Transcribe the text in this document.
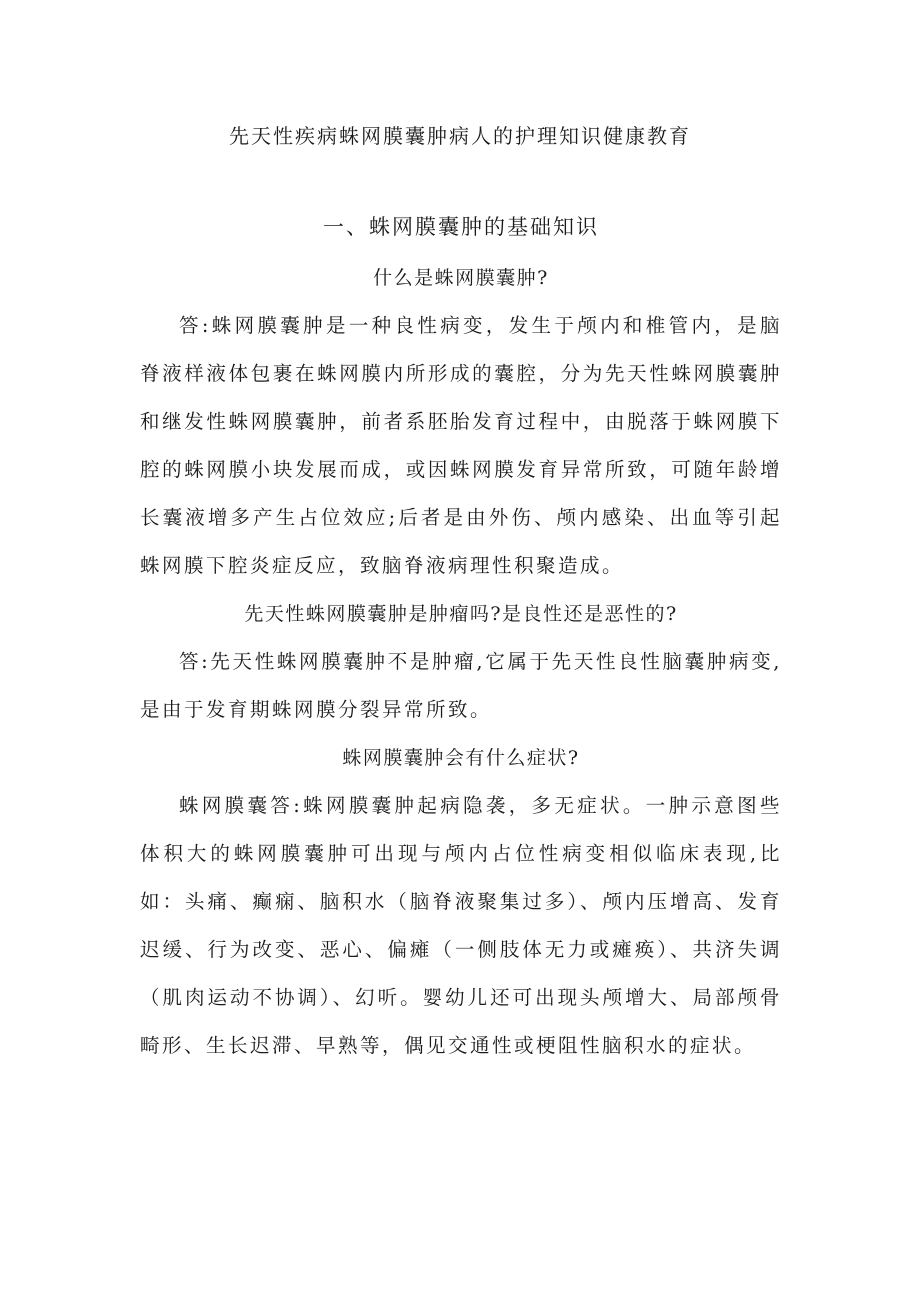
先天性疾病蛛网膜囊肿病人的护理知识健康教育
一、蛛网膜囊肿的基础知识

什么是蛛网膜囊肿?

答:蛛网膜囊肿是一种良性病变，发生于颅内和椎管内，是脑脊液样液体包裹在蛛网膜内所形成的囊腔，分为先天性蛛网膜囊肿和继发性蛛网膜囊肿，前者系胚胎发育过程中，由脱落于蛛网膜下腔的蛛网膜小块发展而成，或因蛛网膜发育异常所致，可随年龄增长囊液增多产生占位效应;后者是由外伤、颅内感染、出血等引起蛛网膜下腔炎症反应，致脑脊液病理性积聚造成。

先天性蛛网膜囊肿是肿瘤吗?是良性还是恶性的?

答:先天性蛛网膜囊肿不是肿瘤,它属于先天性良性脑囊肿病变,是由于发育期蛛网膜分裂异常所致。

蛛网膜囊肿会有什么症状?

蛛网膜囊答:蛛网膜囊肿起病隐袭，多无症状。一肿示意图些体积大的蛛网膜囊肿可出现与颅内占位性病变相似临床表现,比如：头痛、癫痫、脑积水（脑脊液聚集过多）、颅内压增高、发育迟缓、行为改变、恶心、偏瘫（一侧肢体无力或瘫痪）、共济失调（肌肉运动不协调）、幻听。婴幼儿还可出现头颅增大、局部颅骨畸形、生长迟滞、早熟等，偶见交通性或梗阻性脑积水的症状。
